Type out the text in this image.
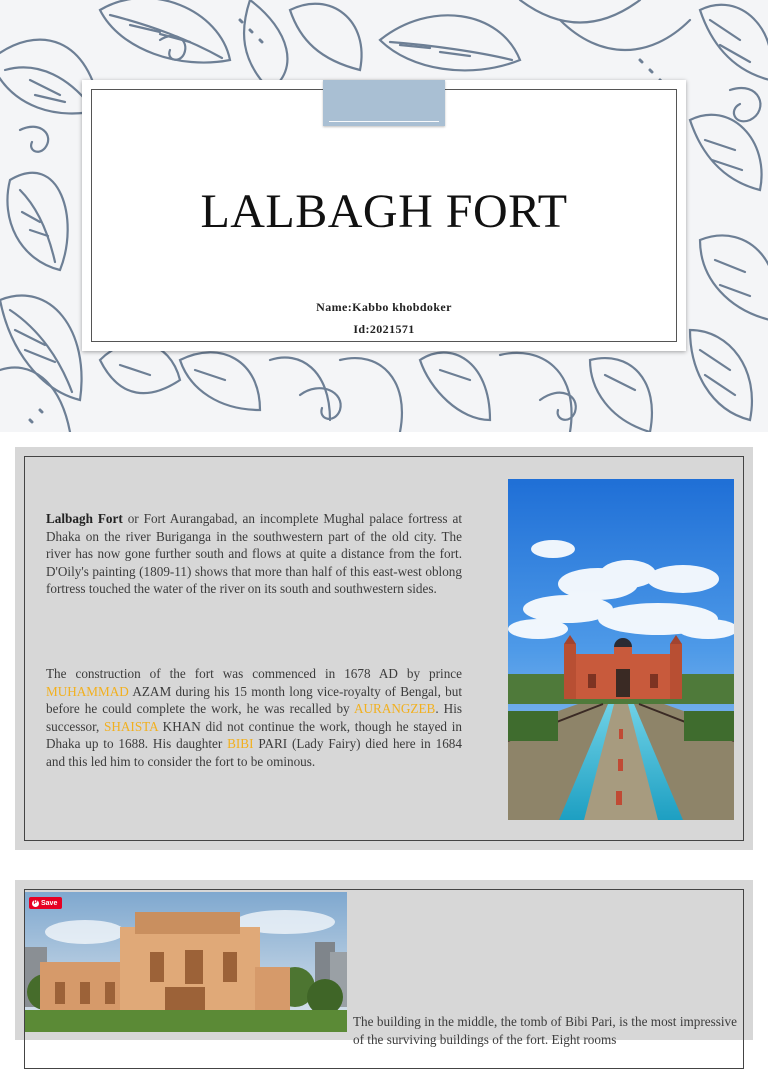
LALBAGH FORT
Name:Kabbo khobdoker
Id:2021571

Lalbagh Fort or Fort Aurangabad, an incomplete Mughal palace fortress at Dhaka on the river Buriganga in the southwestern part of the old city. The river has now gone further south and flows at quite a distance from the fort. D'Oily's painting (1809-11) shows that more than half of this east-west oblong fortress touched the water of the river on its south and southwestern sides.

The construction of the fort was commenced in 1678 AD by prince MUHAMMAD AZAM during his 15 month long vice-royalty of Bengal, but before he could complete the work, he was recalled by AURANGZEB. His successor, SHAISTA KHAN did not continue the work, though he stayed in Dhaka up to 1688. His daughter BIBI PARI (Lady Fairy) died here in 1684 and this led him to consider the fort to be ominous.

P Save

The building in the middle, the tomb of Bibi Pari, is the most impressive of the surviving buildings of the fort. Eight rooms
